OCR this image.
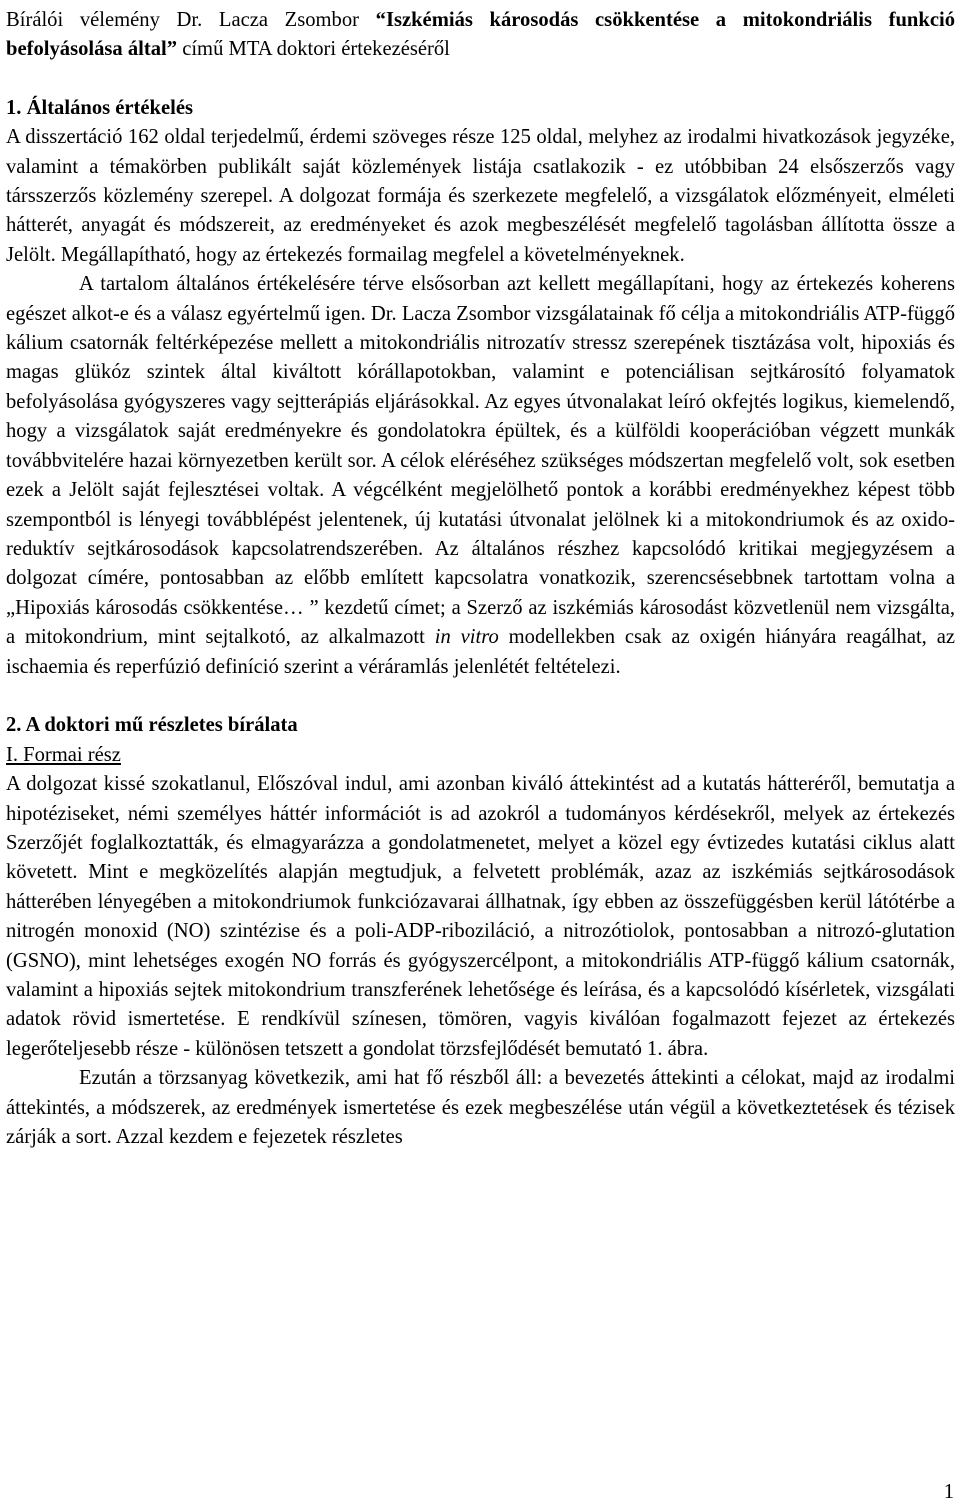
Bírálói vélemény Dr. Lacza Zsombor “Iszkémiás károsodás csökkentése a mitokondriális funkció befolyásolása által” című MTA doktori értekezéséről
1. Általános értékelés

A disszertáció 162 oldal terjedelmű, érdemi szöveges része 125 oldal, melyhez az irodalmi hivatkozások jegyzéke, valamint a témakörben publikált saját közlemények listája csatlakozik - ez utóbbiban 24 elsőszerzős vagy társszerzős közlemény szerepel. A dolgozat formája és szerkezete megfelelő, a vizsgálatok előzményeit, elméleti hátterét, anyagát és módszereit, az eredményeket és azok megbeszélését megfelelő tagolásban állította össze a Jelölt. Megállapítható, hogy az értekezés formailag megfelel a követelményeknek.

A tartalom általános értékelésére térve elsősorban azt kellett megállapítani, hogy az értekezés koherens egészet alkot-e és a válasz egyértelmű igen. Dr. Lacza Zsombor vizsgálatainak fő célja a mitokondriális ATP-függő kálium csatornák feltérképezése mellett a mitokondriális nitrozatív stressz szerepének tisztázása volt, hipoxiás és magas glükóz szintek által kiváltott kórállapotokban, valamint e potenciálisan sejtkárosító folyamatok befolyásolása gyógyszeres vagy sejtterápiás eljárásokkal. Az egyes útvonalakat leíró okfejtés logikus, kiemelendő, hogy a vizsgálatok saját eredményekre és gondolatokra épültek, és a külföldi kooperációban végzett munkák továbbvitelére hazai környezetben került sor. A célok eléréséhez szükséges módszertan megfelelő volt, sok esetben ezek a Jelölt saját fejlesztései voltak. A végcélként megjelölhető pontok a korábbi eredményekhez képest több szempontból is lényegi továbblépést jelentenek, új kutatási útvonalat jelölnek ki a mitokondriumok és az oxido-reduktív sejtkárosodások kapcsolatrendszerében. Az általános részhez kapcsolódó kritikai megjegyzésem a dolgozat címére, pontosabban az előbb említett kapcsolatra vonatkozik, szerencsésebbnek tartottam volna a „Hipoxiás károsodás csökkentése… ” kezdetű címet; a Szerző az iszkémiás károsodást közvetlenül nem vizsgálta, a mitokondrium, mint sejtalkotó, az alkalmazott in vitro modellekben csak az oxigén hiányára reagálhat, az ischaemia és reperfúzió definíció szerint a véráramlás jelenlétét feltételezi.

2. A doktori mű részletes bírálata
I. Formai rész

A dolgozat kissé szokatlanul, Előszóval indul, ami azonban kiváló áttekintést ad a kutatás hátteréről, bemutatja a hipotéziseket, némi személyes háttér információt is ad azokról a tudományos kérdésekről, melyek az értekezés Szerzőjét foglalkoztatták, és elmagyarázza a gondolatmenetet, melyet a közel egy évtizedes kutatási ciklus alatt követett. Mint e megközelítés alapján megtudjuk, a felvetett problémák, azaz az iszkémiás sejtkárosodások hátterében lényegében a mitokondriumok funkciózavarai állhatnak, így ebben az összefüggésben kerül látótérbe a nitrogén monoxid (NO) szintézise és a poli-ADP-riboziláció, a nitrozótiolok, pontosabban a nitrozó-glutation (GSNO), mint lehetséges exogén NO forrás és gyógyszercélpont, a mitokondriális ATP-függő kálium csatornák, valamint a hipoxiás sejtek mitokondrium transzferének lehetősége és leírása, és a kapcsolódó kísérletek, vizsgálati adatok rövid ismertetése. E rendkívül színesen, tömören, vagyis kiválóan fogalmazott fejezet az értekezés legerőteljesebb része - különösen tetszett a gondolat törzsfejlődését bemutató 1. ábra.

Ezután a törzsanyag következik, ami hat fő részből áll: a bevezetés áttekinti a célokat, majd az irodalmi áttekintés, a módszerek, az eredmények ismertetése és ezek megbeszélése után végül a következtetések és tézisek zárják a sort. Azzal kezdem e fejezetek részletes

1
